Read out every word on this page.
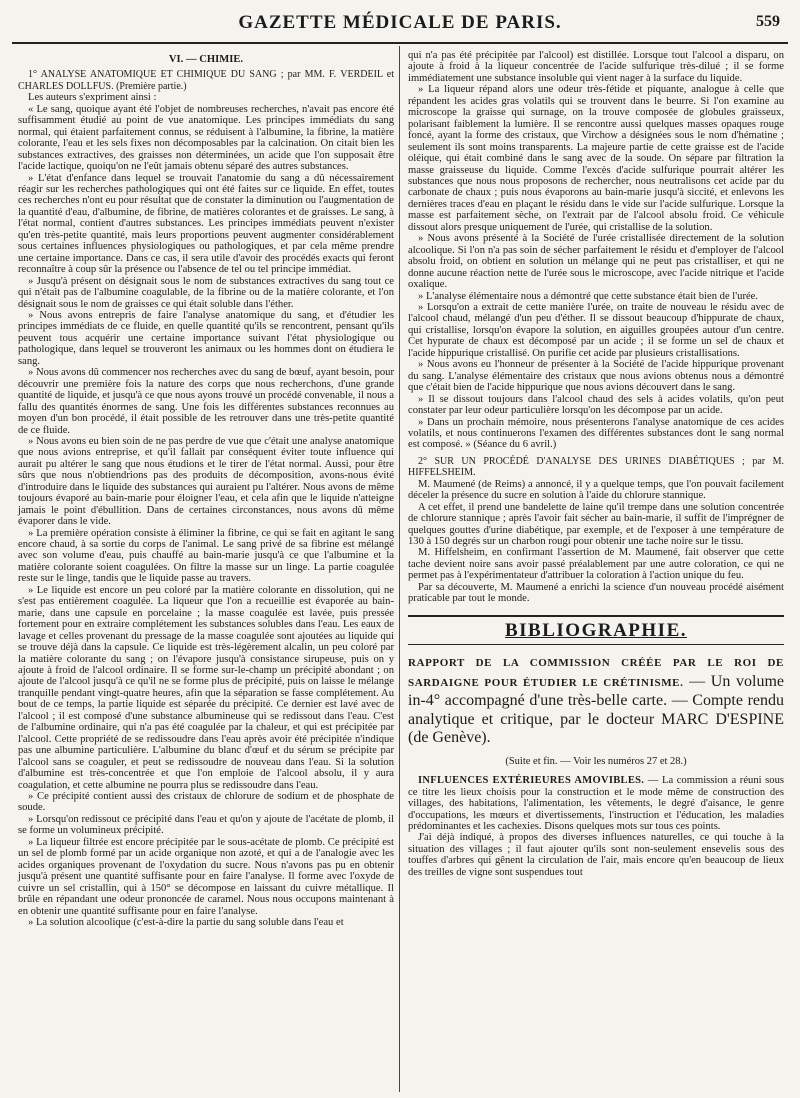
GAZETTE MÉDICALE DE PARIS.	559
VI. — CHIMIE.

1° ANALYSE ANATOMIQUE ET CHIMIQUE DU SANG ; par MM. F. VERDEIL et CHARLES DOLLFUS. (Première partie.)

Les auteurs s'expriment ainsi :

« Le sang, quoique ayant été l'objet de nombreuses recherches, n'avait pas encore été suffisamment étudié au point de vue anatomique. Les principes immédiats du sang normal, qui étaient parfaitement connus, se réduisent à l'albumine, la fibrine, la matière colorante, l'eau et les sels fixes non décomposables par la calcination. On citait bien les substances extractives, des graisses non déterminées, un acide que l'on supposait être l'acide lactique, quoiqu'on ne l'eût jamais obtenu séparé des autres substances.

» L'état d'enfance dans lequel se trouvait l'anatomie du sang a dû nécessairement réagir sur les recherches pathologiques qui ont été faites sur ce liquide. En effet, toutes ces recherches n'ont eu pour résultat que de constater la diminution ou l'augmentation de la quantité d'eau, d'albumine, de fibrine, de matières colorantes et de graisses. Le sang, à l'état normal, contient d'autres substances. Les principes immédiats peuvent n'exister qu'en très-petite quantité, mais leurs proportions peuvent augmenter considérablement sous certaines influences physiologiques ou pathologiques, et par cela même prendre une certaine importance. Dans ce cas, il sera utile d'avoir des procédés exacts qui feront reconnaître à coup sûr la présence ou l'absence de tel ou tel principe immédiat.

» Jusqu'à présent on désignait sous le nom de substances extractives du sang tout ce qui n'était pas de l'albumine coagulable, de la fibrine ou de la matière colorante, et l'on désignait sous le nom de graisses ce qui était soluble dans l'éther.

» Nous avons entrepris de faire l'analyse anatomique du sang, et d'étudier les principes immédiats de ce fluide, en quelle quantité qu'ils se rencontrent, pensant qu'ils peuvent tous acquérir une certaine importance suivant l'état physiologique ou pathologique, dans lequel se trouveront les animaux ou les hommes dont on étudiera le sang.

» Nous avons dû commencer nos recherches avec du sang de bœuf, ayant besoin, pour découvrir une première fois la nature des corps que nous recherchons, d'une grande quantité de liquide, et jusqu'à ce que nous ayons trouvé un procédé convenable, il nous a fallu des quantités énormes de sang. Une fois les différentes substances reconnues au moyen d'un bon procédé, il était possible de les retrouver dans une très-petite quantité de ce fluide.

» Nous avons eu bien soin de ne pas perdre de vue que c'était une analyse anatomique que nous avions entreprise, et qu'il fallait par conséquent éviter toute influence qui aurait pu altérer le sang que nous étudions et le tirer de l'état normal. Aussi, pour être sûrs que nous n'obtiendrions pas des produits de décomposition, avons-nous évité d'introduire dans le liquide des substances qui auraient pu l'altérer. Nous avons de même toujours évaporé au bain-marie pour éloigner l'eau, et cela afin que le liquide n'atteigne jamais le point d'ébullition. Dans de certaines circonstances, nous avons dû même évaporer dans le vide.

» La première opération consiste à éliminer la fibrine, ce qui se fait en agitant le sang encore chaud, à sa sortie du corps de l'animal. Le sang privé de sa fibrine est mélangé avec son volume d'eau, puis chauffé au bain-marie jusqu'à ce que l'albumine et la matière colorante soient coagulées. On filtre la masse sur un linge. La partie coagulée reste sur le linge, tandis que le liquide passe au travers.

» Le liquide est encore un peu coloré par la matière colorante en dissolution, qui ne s'est pas entièrement coagulée. La liqueur que l'on a recueillie est évaporée au bain-marie, dans une capsule en porcelaine ; la masse coagulée est lavée, puis pressée fortement pour en extraire complétement les substances solubles dans l'eau. Les eaux de lavage et celles provenant du pressage de la masse coagulée sont ajoutées au liquide qui se trouve déjà dans la capsule. Ce liquide est très-légèrement alcalin, un peu coloré par la matière colorante du sang ; on l'évapore jusqu'à consistance sirupeuse, puis on y ajoute à froid de l'alcool ordinaire. Il se forme sur-le-champ un précipité abondant ; on ajoute de l'alcool jusqu'à ce qu'il ne se forme plus de précipité, puis on laisse le mélange tranquille pendant vingt-quatre heures, afin que la séparation se fasse complétement. Au bout de ce temps, la partie liquide est séparée du précipité. Ce dernier est lavé avec de l'alcool ; il est composé d'une substance albumineuse qui se redissout dans l'eau. C'est de l'albumine ordinaire, qui n'a pas été coagulée par la chaleur, et qui est précipitée par l'alcool. Cette propriété de se redissoudre dans l'eau après avoir été précipitée n'indique pas une albumine particulière. L'albumine du blanc d'œuf et du sérum se précipite par l'alcool sans se coaguler, et peut se redissoudre de nouveau dans l'eau. Si la solution d'albumine est très-concentrée et que l'on emploie de l'alcool absolu, il y aura coagulation, et cette albumine ne pourra plus se redissoudre dans l'eau.

» Ce précipité contient aussi des cristaux de chlorure de sodium et de phosphate de soude.

» Lorsqu'on redissout ce précipité dans l'eau et qu'on y ajoute de l'acétate de plomb, il se forme un volumineux précipité.

» La liqueur filtrée est encore précipitée par le sous-acétate de plomb. Ce précipité est un sel de plomb formé par un acide organique non azoté, et qui a de l'analogie avec les acides organiques provenant de l'oxydation du sucre. Nous n'avons pas pu en obtenir jusqu'à présent une quantité suffisante pour en faire l'analyse. Il forme avec l'oxyde de cuivre un sel cristallin, qui à 150° se décompose en laissant du cuivre métallique. Il brûle en répandant une odeur prononcée de caramel. Nous nous occupons maintenant à en obtenir une quantité suffisante pour en faire l'analyse.

» La solution alcoolique (c'est-à-dire la partie du sang soluble dans l'eau et

qui n'a pas été précipitée par l'alcool) est distillée. Lorsque tout l'alcool a disparu, on ajoute à froid à la liqueur concentrée de l'acide sulfurique très-dilué ; il se forme immédiatement une substance insoluble qui vient nager à la surface du liquide.

» La liqueur répand alors une odeur très-fétide et piquante, analogue à celle que répandent les acides gras volatils qui se trouvent dans le beurre. Si l'on examine au microscope la graisse qui surnage, on la trouve composée de globules graisseux, polarisant faiblement la lumière. Il se rencontre aussi quelques masses opaques rouge foncé, ayant la forme des cristaux, que Virchow a désignées sous le nom d'hématine ; seulement ils sont moins transparents. La majeure partie de cette graisse est de l'acide oléique, qui était combiné dans le sang avec de la soude. On sépare par filtration la masse graisseuse du liquide. Comme l'excès d'acide sulfurique pourrait altérer les substances que nous nous proposons de rechercher, nous neutralisons cet acide par du carbonate de chaux ; puis nous évaporons au bain-marie jusqu'à siccité, et enlevons les dernières traces d'eau en plaçant le résidu dans le vide sur l'acide sulfurique. Lorsque la masse est parfaitement sèche, on l'extrait par de l'alcool absolu froid. Ce véhicule dissout alors presque uniquement de l'urée, qui cristallise de la solution.

» Nous avons présenté à la Société de l'urée cristallisée directement de la solution alcoolique. Si l'on n'a pas soin de sécher parfaitement le résidu et d'employer de l'alcool absolu froid, on obtient en solution un mélange qui ne peut pas cristalliser, et qui ne donne aucune réaction nette de l'urée sous le microscope, avec l'acide nitrique et l'acide oxalique.

» L'analyse élémentaire nous a démontré que cette substance était bien de l'urée.

» Lorsqu'on a extrait de cette manière l'urée, on traite de nouveau le résidu avec de l'alcool chaud, mélangé d'un peu d'éther. Il se dissout beaucoup d'hippurate de chaux, qui cristallise, lorsqu'on évapore la solution, en aiguilles groupées autour d'un centre. Cet hypurate de chaux est décomposé par un acide ; il se forme un sel de chaux et l'acide hippurique cristallisé. On purifie cet acide par plusieurs cristallisations.

» Nous avons eu l'honneur de présenter à la Société de l'acide hippurique provenant du sang. L'analyse élémentaire des cristaux que nous avions obtenus nous a démontré que c'était bien de l'acide hippurique que nous avions découvert dans le sang.

» Il se dissout toujours dans l'alcool chaud des sels à acides volatils, qu'on peut constater par leur odeur particulière lorsqu'on les décompose par un acide.

» Dans un prochain mémoire, nous présenterons l'analyse anatomique de ces acides volatils, et nous continuerons l'examen des différentes substances dont le sang normal est composé. » (Séance du 6 avril.)

2° SUR UN PROCÉDÉ D'ANALYSE DES URINES DIABÉTIQUES ; par M. HIFFELSHEIM.

M. Maumené (de Reims) a annoncé, il y a quelque temps, que l'on pouvait facilement déceler la présence du sucre en solution à l'aide du chlorure stannique.

A cet effet, il prend une bandelette de laine qu'il trempe dans une solution concentrée de chlorure stannique ; après l'avoir fait sécher au bain-marie, il suffit de l'imprégner de quelques gouttes d'urine diabétique, par exemple, et de l'exposer à une température de 130 à 150 degrés sur un charbon rougi pour obtenir une tache noire sur le tissu.

M. Hiffelsheim, en confirmant l'assertion de M. Maumené, fait observer que cette tache devient noire sans avoir passé préalablement par une autre coloration, ce qui ne permet pas à l'expérimentateur d'attribuer la coloration à l'action unique du feu.

Par sa découverte, M. Maumené a enrichi la science d'un nouveau procédé aisément praticable par tout le monde.

BIBLIOGRAPHIE.

RAPPORT DE LA COMMISSION CRÉÉE PAR LE ROI DE SARDAIGNE POUR ÉTUDIER LE CRÉTINISME. — Un volume in-4° accompagné d'une très-belle carte. — Compte rendu analytique et critique, par le docteur MARC D'ESPINE (de Genève).

(Suite et fin. — Voir les numéros 27 et 28.)

INFLUENCES EXTÉRIEURES AMOVIBLES. — La commission a réuni sous ce titre les lieux choisis pour la construction et le mode même de construction des villages, des habitations, l'alimentation, les vêtements, le degré d'aisance, le genre d'occupations, les mœurs et divertissements, l'instruction et l'éducation, les maladies prédominantes et les cachexies. Disons quelques mots sur tous ces points.

J'ai déjà indiqué, à propos des diverses influences naturelles, ce qui touche à la situation des villages ; il faut ajouter qu'ils sont non-seulement ensevelis sous des touffes d'arbres qui gênent la circulation de l'air, mais encore qu'en beaucoup de lieux des treilles de vigne sont suspendues tout
